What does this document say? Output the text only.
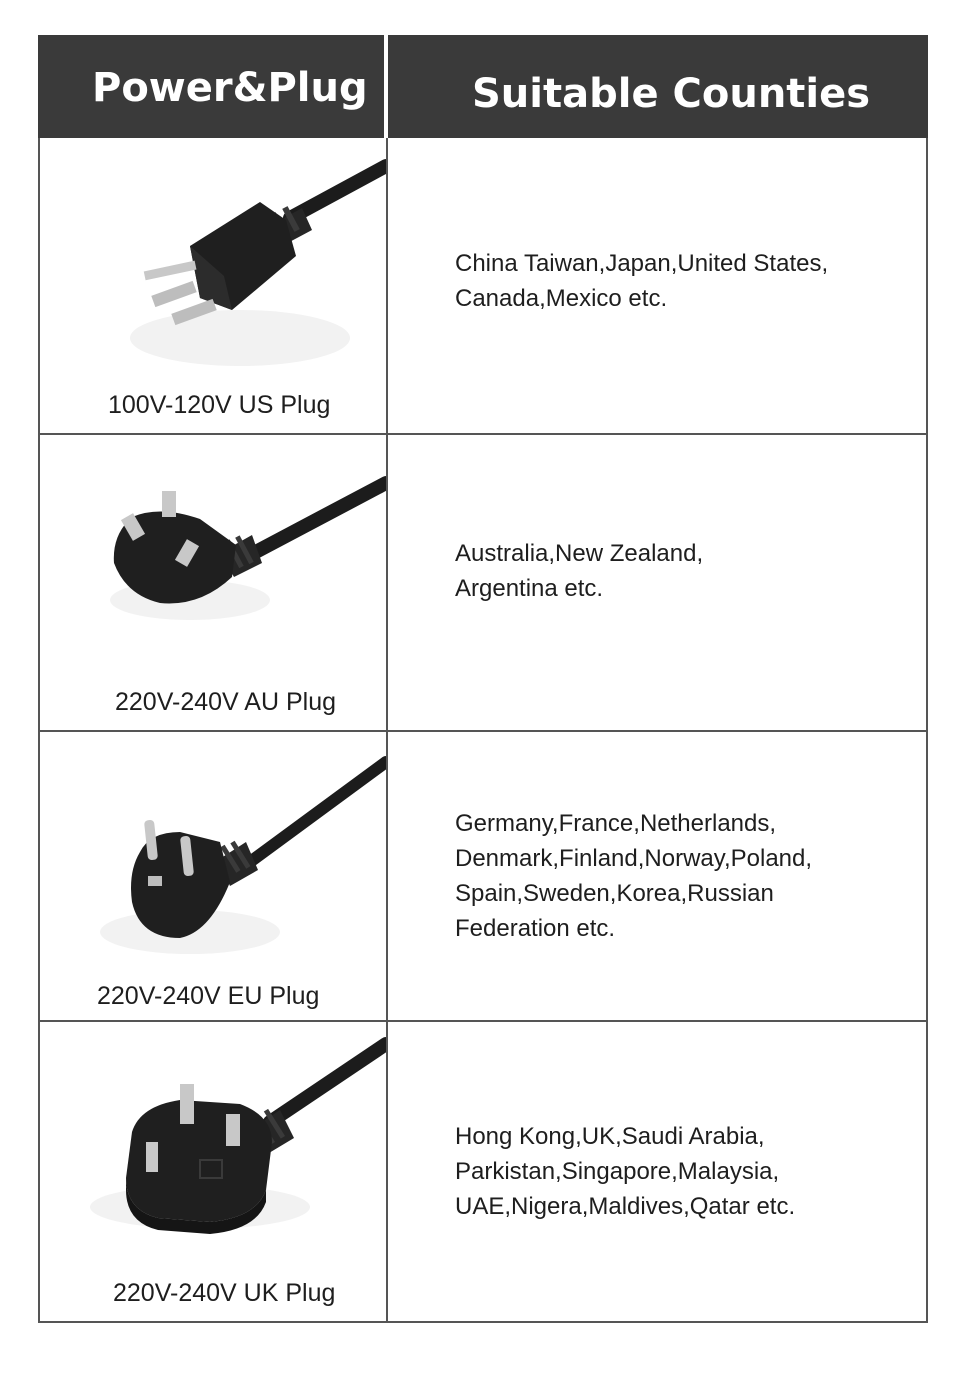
Power&Plug	Suitable Counties
100V-120V US Plug
China Taiwan,Japan,United States,
Canada,Mexico etc.
220V-240V AU Plug
Australia,New Zealand,
Argentina etc.
220V-240V EU Plug
Germany,France,Netherlands,
Denmark,Finland,Norway,Poland,
Spain,Sweden,Korea,Russian
Federation etc.
220V-240V UK Plug
Hong Kong,UK,Saudi Arabia,
Parkistan,Singapore,Malaysia,
UAE,Nigera,Maldives,Qatar etc.
